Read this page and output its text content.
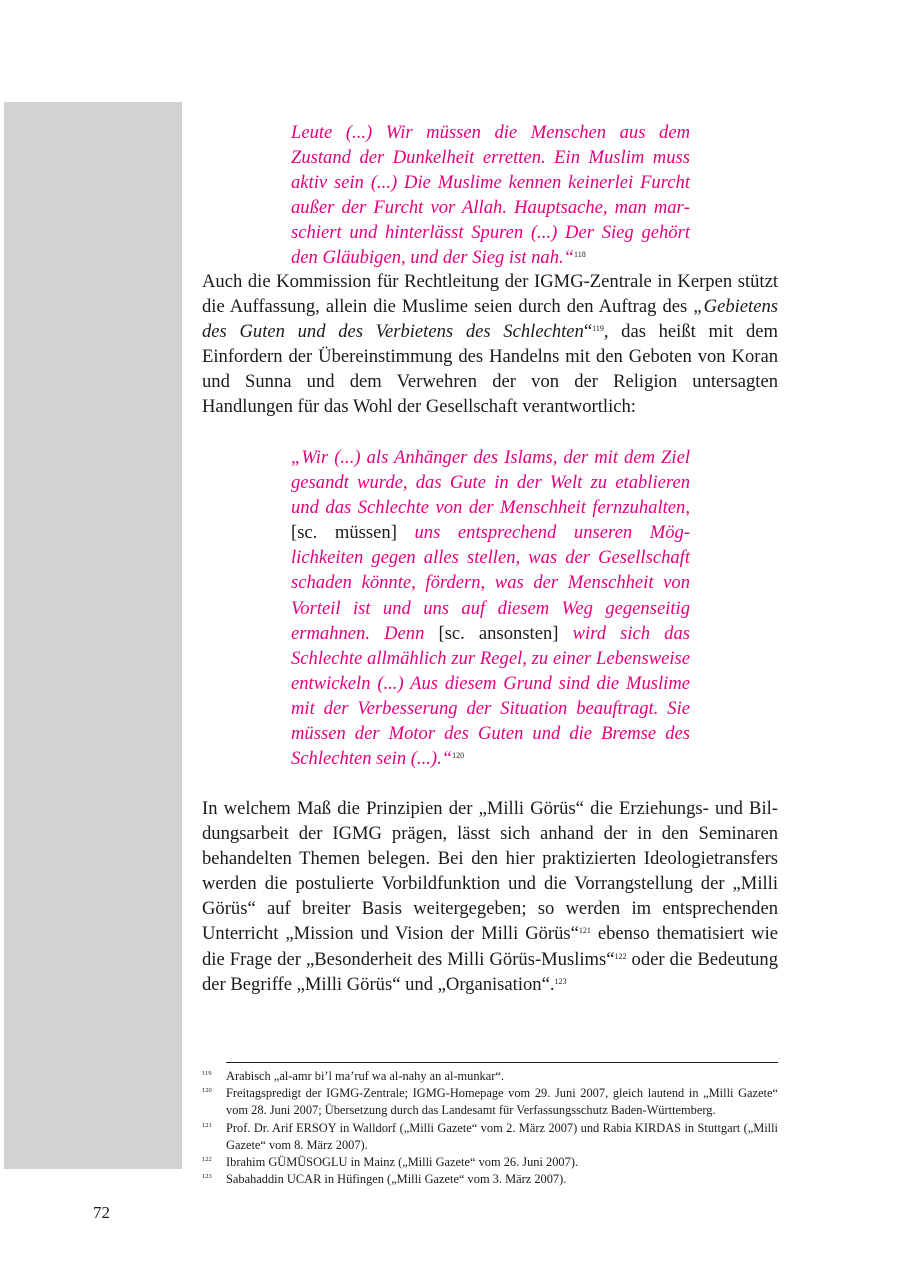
Leute (...) Wir müssen die Menschen aus dem Zustand der Dunkelheit erretten. Ein Muslim muss aktiv sein (...) Die Muslime kennen keinerlei Furcht außer der Furcht vor Allah. Hauptsache, man marschiert und hinterlässt Spuren (...) Der Sieg gehört den Gläubigen, und der Sieg ist nah.“$^{118}$
Auch die Kommission für Rechtleitung der IGMG-Zentrale in Kerpen stützt die Auffassung, allein die Muslime seien durch den Auftrag des „Gebietens des Guten und des Verbietens des Schlechten“$^{119}$, das heißt mit dem Einfordern der Übereinstimmung des Handelns mit den Geboten von Koran und Sunna und dem Verwehren der von der Religion untersagten Handlungen für das Wohl der Gesellschaft verantwortlich:
„Wir (...) als Anhänger des Islams, der mit dem Ziel gesandt wurde, das Gute in der Welt zu etablieren und das Schlechte von der Menschheit fernzuhalten, [sc. müssen] uns entsprechend unseren Möglichkeiten gegen alles stellen, was der Gesellschaft schaden könnte, fördern, was der Menschheit von Vorteil ist und uns auf diesem Weg gegenseitig ermahnen. Denn [sc. ansonsten] wird sich das Schlechte allmählich zur Regel, zu einer Lebensweise entwickeln (...) Aus diesem Grund sind die Muslime mit der Verbesserung der Situation beauftragt. Sie müssen der Motor des Guten und die Bremse des Schlechten sein (...).“$^{120}$
In welchem Maß die Prinzipien der „Milli Görüs“ die Erziehungs- und Bildungsarbeit der IGMG prägen, lässt sich anhand der in den Seminaren behandelten Themen belegen. Bei den hier praktizierten Ideologietransfers werden die postulierte Vorbildfunktion und die Vorrangstellung der „Milli Görüs“ auf breiter Basis weitergegeben; so werden im entsprechenden Unterricht „Mission und Vision der Milli Görüs“$^{121}$ ebenso thematisiert wie die Frage der „Besonderheit des Milli Görüs-Muslims“$^{122}$ oder die Bedeutung der Begriffe „Milli Görüs“ und „Organisation“.$^{123}$
119	Arabisch „al-amr bi’l ma’ruf wa al-nahy an al-munkar“.
120	Freitagspredigt der IGMG-Zentrale; IGMG-Homepage vom 29. Juni 2007, gleich lautend in „Milli Gazete“ vom 28. Juni 2007; Übersetzung durch das Landesamt für Verfassungsschutz Baden-Württemberg.
121	Prof. Dr. Arif ERSOY in Walldorf („Milli Gazete“ vom 2. März 2007) und Rabia KIRDAS in Stuttgart („Milli Gazete“ vom 8. März 2007).
122	Ibrahim GÜMÜSOGLU in Mainz („Milli Gazete“ vom 26. Juni 2007).
123	Sabahaddin UCAR in Hüfingen („Milli Gazete“ vom 3. März 2007).
72
